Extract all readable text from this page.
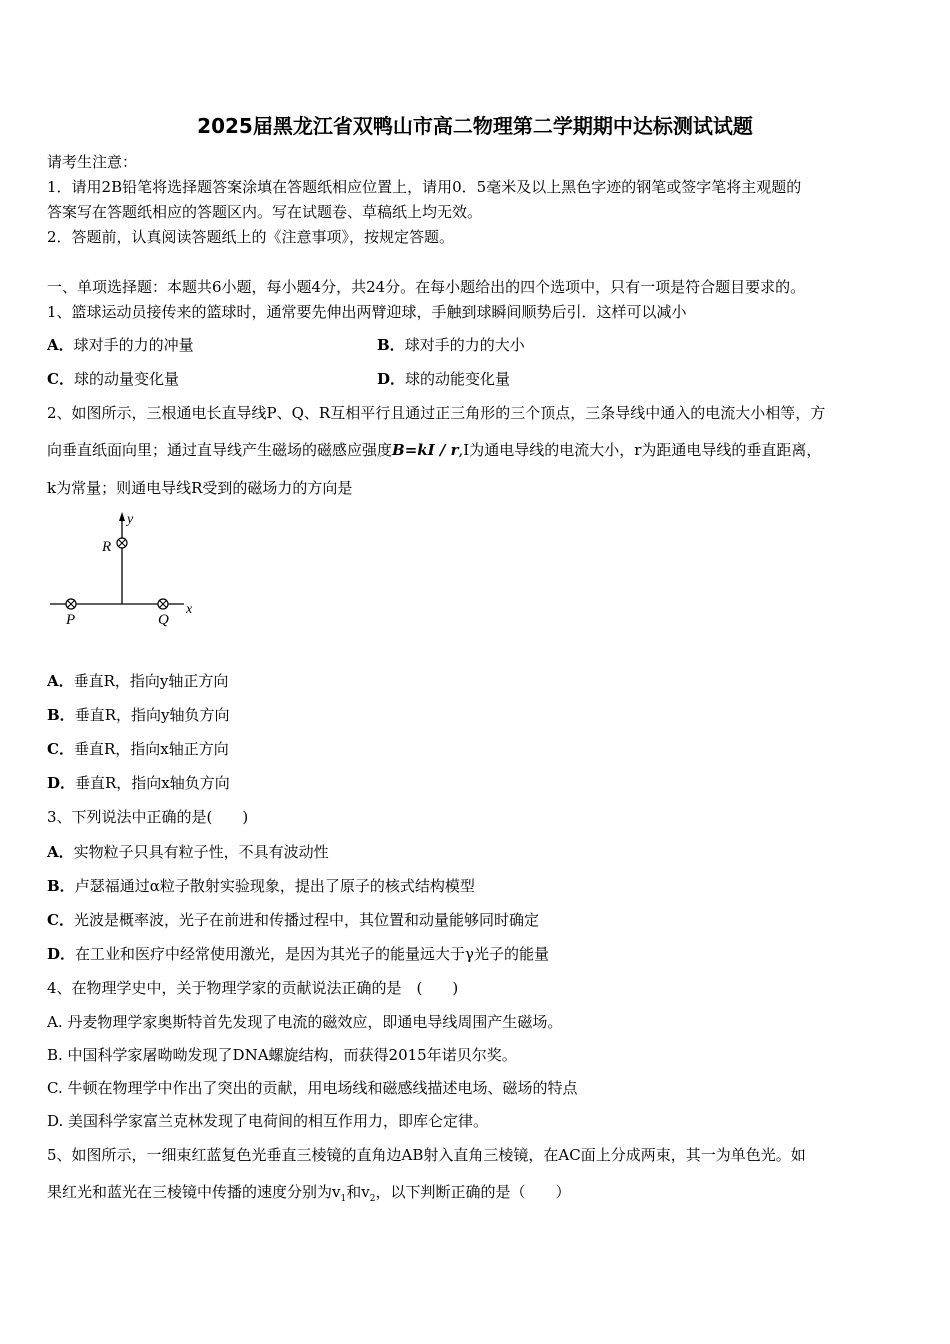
2025届黑龙江省双鸭山市高二物理第二学期期中达标测试试题
请考生注意：
1．请用2B铅笔将选择题答案涂填在答题纸相应位置上，请用0．5毫米及以上黑色字迹的钢笔或签字笔将主观题的
答案写在答题纸相应的答题区内。写在试题卷、草稿纸上均无效。
2．答题前，认真阅读答题纸上的《注意事项》，按规定答题。
一、单项选择题：本题共6小题，每小题4分，共24分。在每小题给出的四个选项中，只有一项是符合题目要求的。
1、篮球运动员接传来的篮球时，通常要先伸出两臂迎球，手触到球瞬间顺势后引．这样可以减小
A．球对手的力的冲量	B．球对手的力的大小
C．球的动量变化量	D．球的动能变化量
2、如图所示，三根通电长直导线P、Q、R互相平行且通过正三角形的三个顶点，三条导线中通入的电流大小相等，方
向垂直纸面向里；通过直导线产生磁场的磁感应强度B=kI / r,I为通电导线的电流大小，r为距通电导线的垂直距离，
k为常量；则通电导线R受到的磁场力的方向是
y
x
R
P	Q
A．垂直R，指向y轴正方向
B．垂直R，指向y轴负方向
C．垂直R，指向x轴正方向
D．垂直R，指向x轴负方向
3、下列说法中正确的是(　　)
A．实物粒子只具有粒子性，不具有波动性
B．卢瑟福通过α粒子散射实验现象，提出了原子的核式结构模型
C．光波是概率波，光子在前进和传播过程中，其位置和动量能够同时确定
D．在工业和医疗中经常使用激光，是因为其光子的能量远大于γ光子的能量
4、在物理学史中，关于物理学家的贡献说法正确的是　(　　)
A. 丹麦物理学家奥斯特首先发现了电流的磁效应，即通电导线周围产生磁场。
B. 中国科学家屠呦呦发现了DNA螺旋结构，而获得2015年诺贝尔奖。
C. 牛顿在物理学中作出了突出的贡献，用电场线和磁感线描述电场、磁场的特点
D. 美国科学家富兰克林发现了电荷间的相互作用力，即库仑定律。
5、如图所示，一细束红蓝复色光垂直三棱镜的直角边AB射入直角三棱镜，在AC面上分成两束，其一为单色光。如
果红光和蓝光在三棱镜中传播的速度分别为$v_1$和$v_2$，以下判断正确的是（　　）
